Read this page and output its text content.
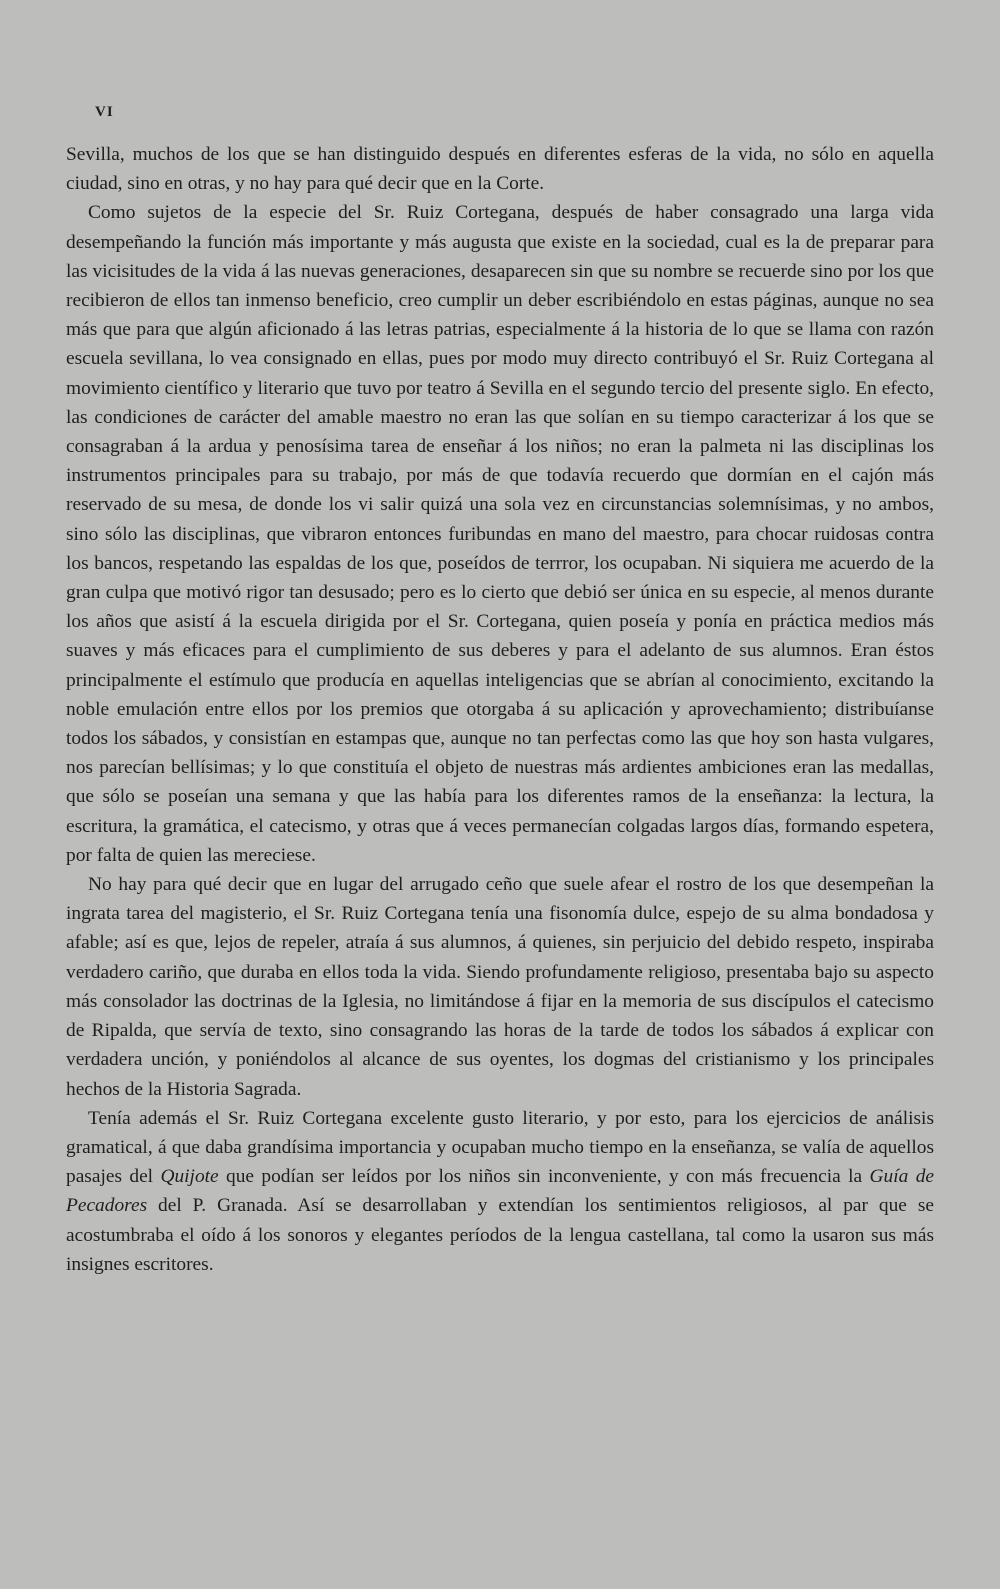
VI

Sevilla, muchos de los que se han distinguido después en diferentes esferas de la vida, no sólo en aquella ciudad, sino en otras, y no hay para qué decir que en la Corte.

Como sujetos de la especie del Sr. Ruiz Cortegana, después de haber consagrado una larga vida desempeñando la función más importante y más augusta que existe en la sociedad, cual es la de preparar para las vicisitudes de la vida á las nuevas generaciones, desaparecen sin que su nombre se recuerde sino por los que recibieron de ellos tan inmenso beneficio, creo cumplir un deber escribiéndolo en estas páginas, aunque no sea más que para que algún aficionado á las letras patrias, especialmente á la historia de lo que se llama con razón escuela sevillana, lo vea consignado en ellas, pues por modo muy directo contribuyó el Sr. Ruiz Cortegana al movimiento científico y literario que tuvo por teatro á Sevilla en el segundo tercio del presente siglo. En efecto, las condiciones de carácter del amable maestro no eran las que solían en su tiempo caracterizar á los que se consagraban á la ardua y penosísima tarea de enseñar á los niños; no eran la palmeta ni las disciplinas los instrumentos principales para su trabajo, por más de que todavía recuerdo que dormían en el cajón más reservado de su mesa, de donde los vi salir quizá una sola vez en circunstancias solemnísimas, y no ambos, sino sólo las disciplinas, que vibraron entonces furibundas en mano del maestro, para chocar ruidosas contra los bancos, respetando las espaldas de los que, poseídos de terrror, los ocupaban. Ni siquiera me acuerdo de la gran culpa que motivó rigor tan desusado; pero es lo cierto que debió ser única en su especie, al menos durante los años que asistí á la escuela dirigida por el Sr. Cortegana, quien poseía y ponía en práctica medios más suaves y más eficaces para el cumplimiento de sus deberes y para el adelanto de sus alumnos. Eran éstos principalmente el estímulo que producía en aquellas inteligencias que se abrían al conocimiento, excitando la noble emulación entre ellos por los premios que otorgaba á su aplicación y aprovechamiento; distribuíanse todos los sábados, y consistían en estampas que, aunque no tan perfectas como las que hoy son hasta vulgares, nos parecían bellísimas; y lo que constituía el objeto de nuestras más ardientes ambiciones eran las medallas, que sólo se poseían una semana y que las había para los diferentes ramos de la enseñanza: la lectura, la escritura, la gramática, el catecismo, y otras que á veces permanecían colgadas largos días, formando espetera, por falta de quien las mereciese.

No hay para qué decir que en lugar del arrugado ceño que suele afear el rostro de los que desempeñan la ingrata tarea del magisterio, el Sr. Ruiz Cortegana tenía una fisonomía dulce, espejo de su alma bondadosa y afable; así es que, lejos de repeler, atraía á sus alumnos, á quienes, sin perjuicio del debido respeto, inspiraba verdadero cariño, que duraba en ellos toda la vida. Siendo profundamente religioso, presentaba bajo su aspecto más consolador las doctrinas de la Iglesia, no limitándose á fijar en la memoria de sus discípulos el catecismo de Ripalda, que servía de texto, sino consagrando las horas de la tarde de todos los sábados á explicar con verdadera unción, y poniéndolos al alcance de sus oyentes, los dogmas del cristianismo y los principales hechos de la Historia Sagrada.

Tenía además el Sr. Ruiz Cortegana excelente gusto literario, y por esto, para los ejercicios de análisis gramatical, á que daba grandísima importancia y ocupaban mucho tiempo en la enseñanza, se valía de aquellos pasajes del Quijote que podían ser leídos por los niños sin inconveniente, y con más frecuencia la Guía de Pecadores del P. Granada. Así se desarrollaban y extendían los sentimientos religiosos, al par que se acostumbraba el oído á los sonoros y elegantes períodos de la lengua castellana, tal como la usaron sus más insignes escritores.
